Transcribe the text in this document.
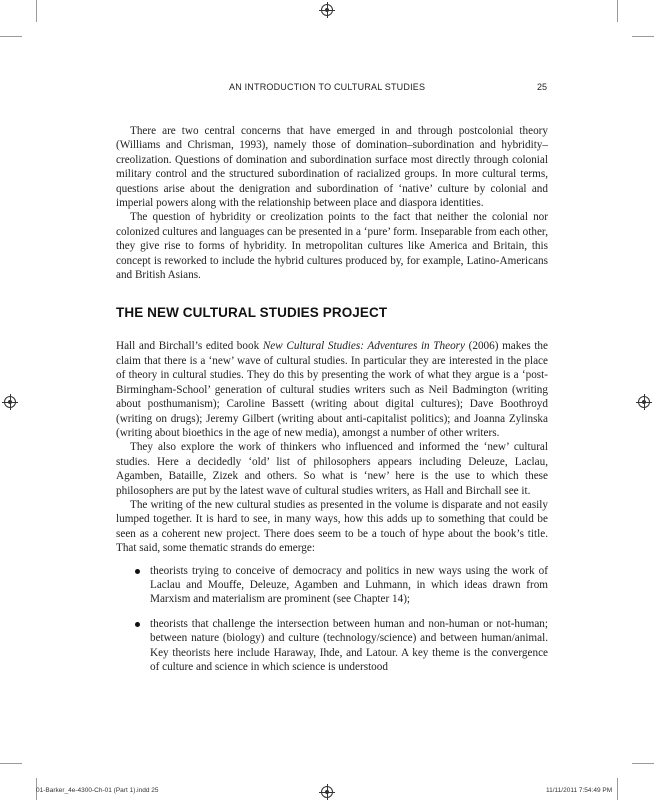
AN INTRODUCTION TO CULTURAL STUDIES	25

There are two central concerns that have emerged in and through postcolonial theory (Williams and Chrisman, 1993), namely those of domination–subordination and hybridity–creolization. Questions of domination and subordination surface most directly through colonial military control and the structured subordination of racialized groups. In more cultural terms, questions arise about the denigration and subordination of ‘native’ culture by colonial and imperial powers along with the relationship between place and diaspora identities.

The question of hybridity or creolization points to the fact that neither the colonial nor colonized cultures and languages can be presented in a ‘pure’ form. Inseparable from each other, they give rise to forms of hybridity. In metropolitan cultures like America and Britain, this concept is reworked to include the hybrid cultures produced by, for example, Latino-Americans and British Asians.

THE NEW CULTURAL STUDIES PROJECT

Hall and Birchall’s edited book New Cultural Studies: Adventures in Theory (2006) makes the claim that there is a ‘new’ wave of cultural studies. In particular they are interested in the place of theory in cultural studies. They do this by presenting the work of what they argue is a ‘post-Birmingham-School’ generation of cultural studies writers such as Neil Badmington (writing about posthumanism); Caroline Bassett (writing about digital cultures); Dave Boothroyd (writing on drugs); Jeremy Gilbert (writing about anti-capitalist politics); and Joanna Zylinska (writing about bioethics in the age of new media), amongst a number of other writers.

They also explore the work of thinkers who influenced and informed the ‘new’ cultural studies. Here a decidedly ‘old’ list of philosophers appears including Deleuze, Laclau, Agamben, Bataille, Zizek and others. So what is ‘new’ here is the use to which these philosophers are put by the latest wave of cultural studies writers, as Hall and Birchall see it.

The writing of the new cultural studies as presented in the volume is disparate and not easily lumped together. It is hard to see, in many ways, how this adds up to something that could be seen as a coherent new project. There does seem to be a touch of hype about the book’s title. That said, some thematic strands do emerge:

theorists trying to conceive of democracy and politics in new ways using the work of Laclau and Mouffe, Deleuze, Agamben and Luhmann, in which ideas drawn from Marxism and materialism are prominent (see Chapter 14);
theorists that challenge the intersection between human and non-human or not-human; between nature (biology) and culture (technology/science) and between human/animal. Key theorists here include Haraway, Ihde, and Latour. A key theme is the convergence of culture and science in which science is understood
01-Barker_4e-4300-Ch-01 (Part 1).indd 25	11/11/2011 7:54:49 PM
